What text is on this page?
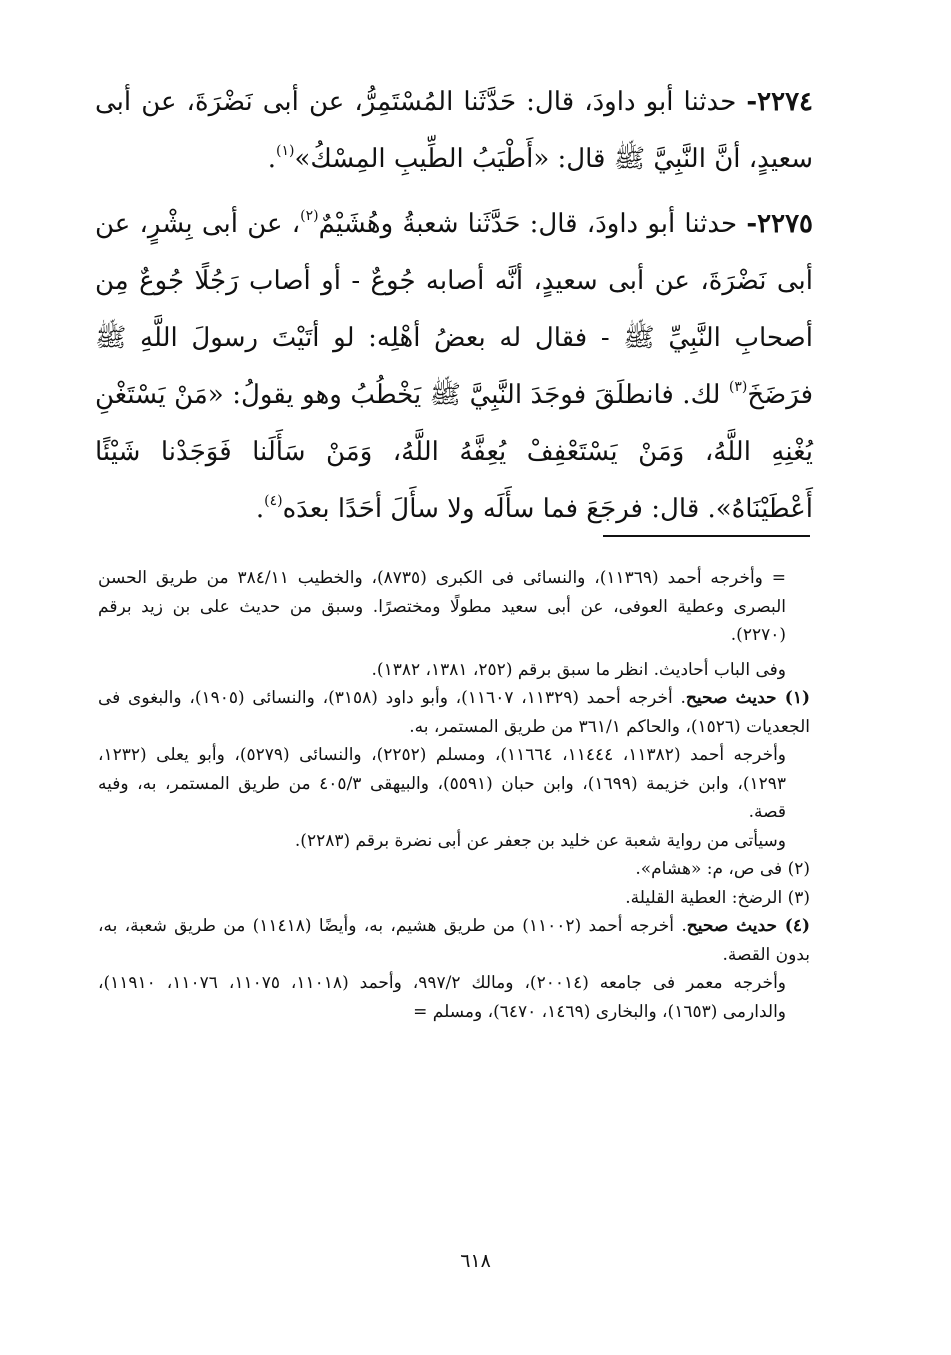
٢٢٧٤- حدثنا أبو داودَ، قال: حَدَّثَنا المُسْتَمِرُّ، عن أبى نَضْرَةَ، عن أبى سعيدٍ، أنَّ النَّبِيَّ ﷺ قال: «أَطْيَبُ الطِّيبِ المِسْكُ»$^{(١)}$.

٢٢٧٥- حدثنا أبو داودَ، قال: حَدَّثَنا شعبةُ وهُشَيْمٌ$^{(٢)}$، عن أبى بِشْرٍ، عن أبى نَضْرَةَ، عن أبى سعيدٍ، أنَّه أصابه جُوعٌ - أو أصاب رَجُلًا جُوعٌ مِن أصحابِ النَّبِيِّ ﷺ - فقال له بعضُ أهْلِه: لو أتَيْتَ رسولَ اللَّهِ ﷺ فرَضَخَ$^{(٣)}$ لك. فانطلَقَ فوجَدَ النَّبِيَّ ﷺ يَخْطُبُ وهو يقولُ: «مَنْ يَسْتَغْنِ يُغْنِهِ اللَّهُ، وَمَنْ يَسْتَعْفِفْ يُعِفَّهُ اللَّهُ، وَمَنْ سَأَلَنا فَوَجَدْنا شَيْئًا أَعْطَيْنَاهُ». قال: فرجَعَ فما سأَلَه ولا سأَلَ أحَدًا بعدَه$^{(٤)}$.

= وأخرجه أحمد (١١٣٦٩)، والنسائى فى الكبرى (٨٧٣٥)، والخطيب ٣٨٤/١١ من طريق الحسن البصرى وعطية العوفى، عن أبى سعيد مطولًا ومختصرًا. وسبق من حديث على بن زيد برقم (٢٢٧٠).

وفى الباب أحاديث. انظر ما سبق برقم (٢٥٢، ١٣٨١، ١٣٨٢).

(١) حديث صحيح. أخرجه أحمد (١١٣٢٩، ١١٦٠٧)، وأبو داود (٣١٥٨)، والنسائى (١٩٠٥)، والبغوى فى الجعديات (١٥٢٦)، والحاكم ٣٦١/١ من طريق المستمر، به.

وأخرجه أحمد (١١٣٨٢، ١١٤٤٤، ١١٦٦٤)، ومسلم (٢٢٥٢)، والنسائى (٥٢٧٩)، وأبو يعلى (١٢٣٢، ١٢٩٣)، وابن خزيمة (١٦٩٩)، وابن حبان (٥٥٩١)، والبيهقى ٤٠٥/٣ من طريق المستمر، به، وفيه قصة.

وسيأتى من رواية شعبة عن خليد بن جعفر عن أبى نضرة برقم (٢٢٨٣).

(٢) فى ص، م: «هشام».

(٣) الرضخ: العطية القليلة.

(٤) حديث صحيح. أخرجه أحمد (١١٠٠٢) من طريق هشيم، به، وأيضًا (١١٤١٨) من طريق شعبة، به، بدون القصة.

وأخرجه معمر فى جامعه (٢٠٠١٤)، ومالك ٩٩٧/٢، وأحمد (١١٠١٨، ١١٠٧٥، ١١٠٧٦، ١١٩١٠)، والدارمى (١٦٥٣)، والبخارى (١٤٦٩، ٦٤٧٠)، ومسلم =

٦١٨
